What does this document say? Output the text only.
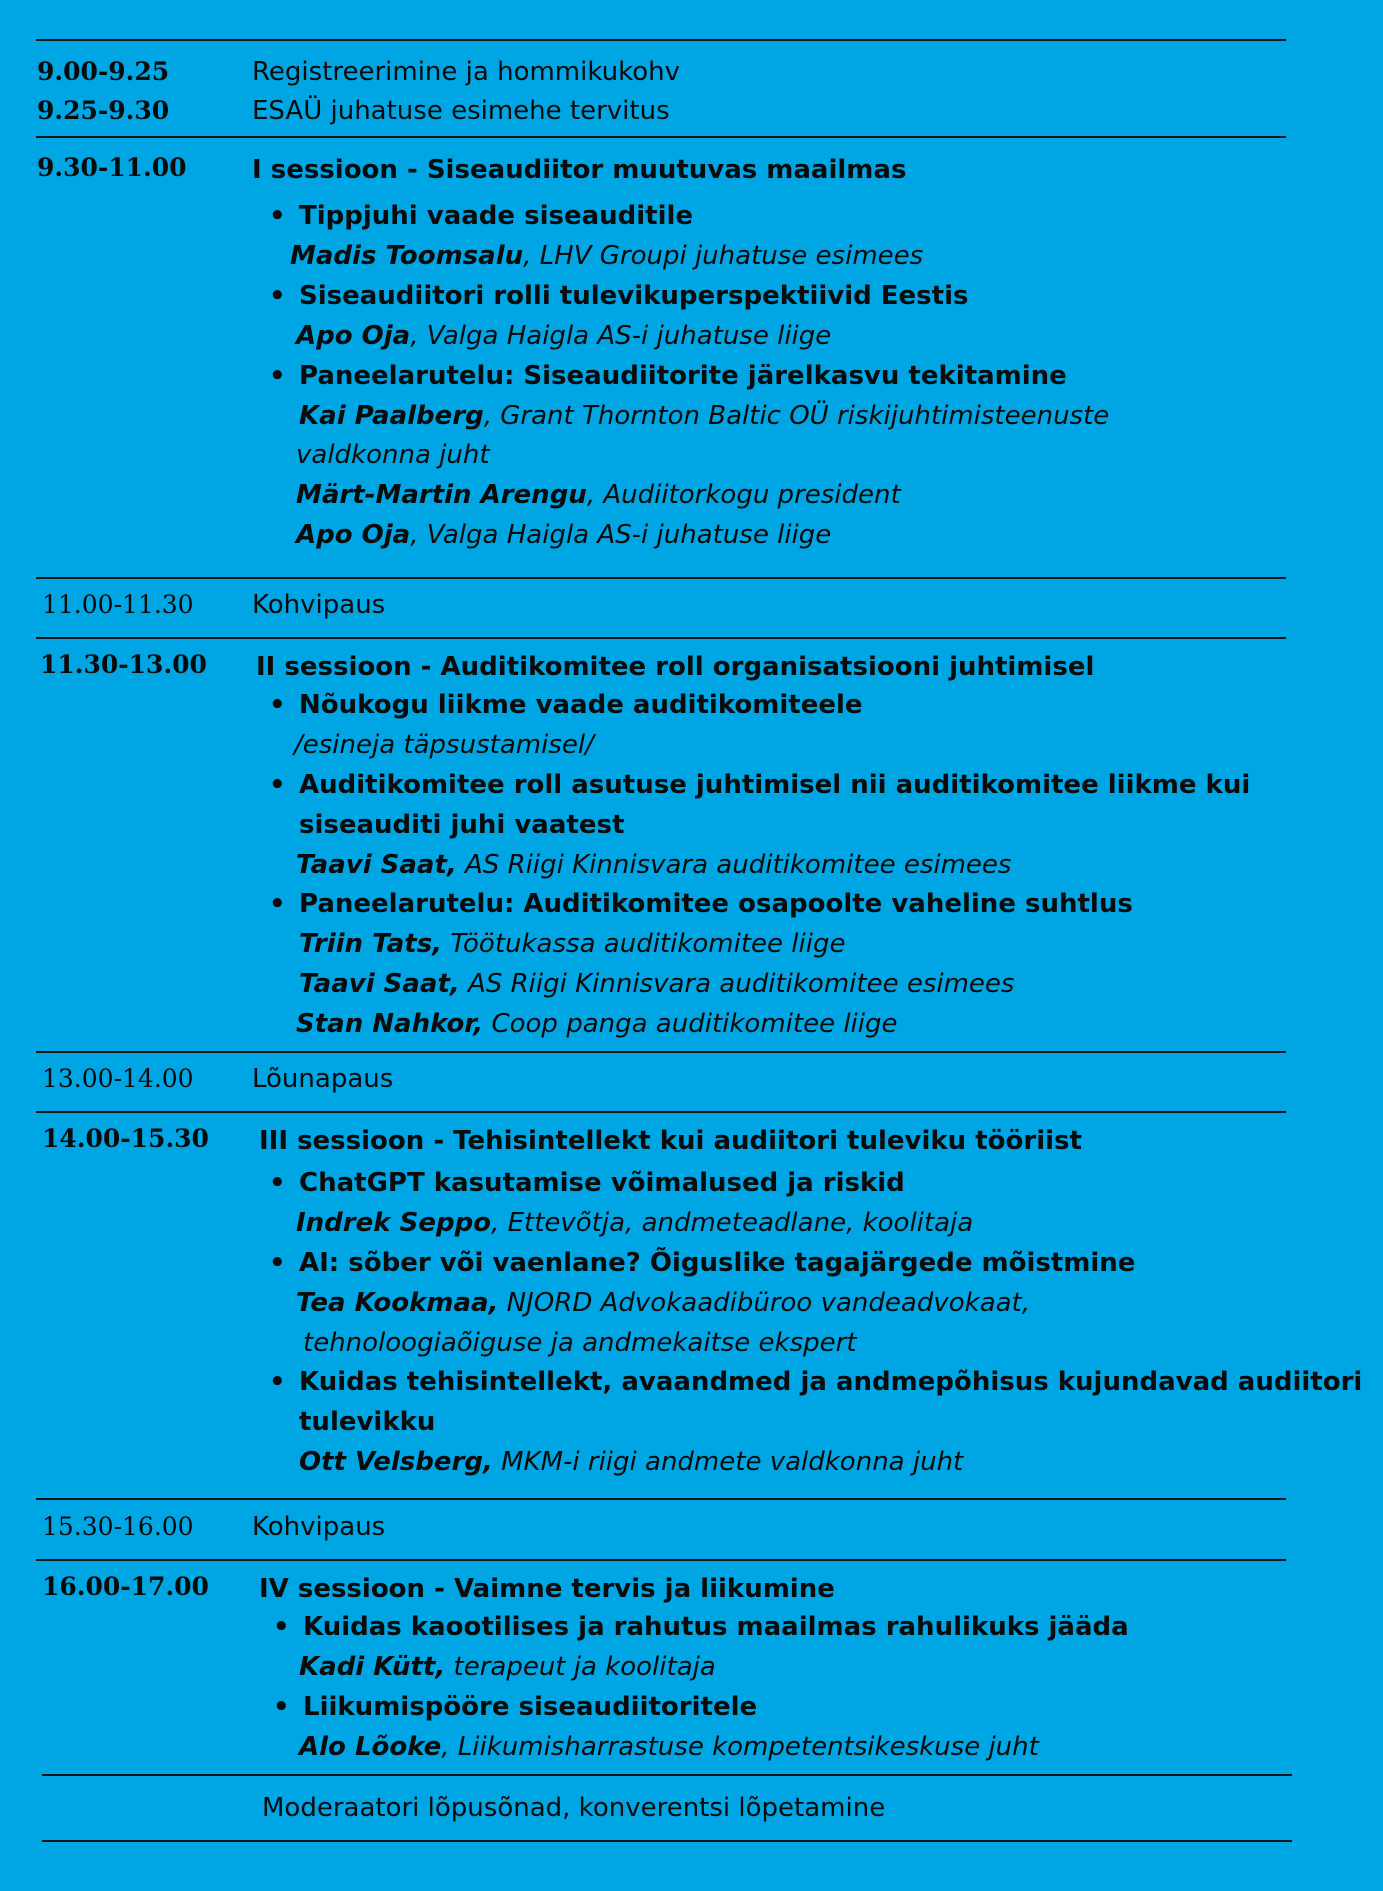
9.00-9.25	Registreerimine ja hommikukohv
9.25-9.30	ESAÜ juhatuse esimehe tervitus
9.30-11.00	I sessioon - Siseaudiitor muutuvas maailmas
• Tippjuhi vaade siseauditile
Madis Toomsalu, LHV Groupi juhatuse esimees
• Siseaudiitori rolli tulevikuperspektiivid Eestis
Apo Oja, Valga Haigla AS-i juhatuse liige
• Paneelarutelu: Siseaudiitorite järelkasvu tekitamine
Kai Paalberg, Grant Thornton Baltic OÜ riskijuhtimisteenuste
valdkonna juht
Märt-Martin Arengu, Audiitorkogu president
Apo Oja, Valga Haigla AS-i juhatuse liige
11.00-11.30 Kohvipaus
11.30-13.00 II sessioon - Auditikomitee roll organisatsiooni juhtimisel
• Nõukogu liikme vaade auditikomiteele
/esineja täpsustamisel/
• Auditikomitee roll asutuse juhtimisel nii auditikomitee liikme kui
siseauditi juhi vaatest
Taavi Saat, AS Riigi Kinnisvara auditikomitee esimees
• Paneelarutelu: Auditikomitee osapoolte vaheline suhtlus
Triin Tats, Töötukassa auditikomitee liige
Taavi Saat, AS Riigi Kinnisvara auditikomitee esimees
Stan Nahkor, Coop panga auditikomitee liige
13.00-14.00 Lõunapaus
14.00-15.30 III sessioon - Tehisintellekt kui audiitori tuleviku tööriist
• ChatGPT kasutamise võimalused ja riskid
Indrek Seppo, Ettevõtja, andmeteadlane, koolitaja
• AI: sõber või vaenlane? Õiguslike tagajärgede mõistmine
Tea Kookmaa, NJORD Advokaadibüroo vandeadvokaat,
tehnoloogiaõiguse ja andmekaitse ekspert
• Kuidas tehisintellekt, avaandmed ja andmepõhisus kujundavad audiitori
tulevikku
Ott Velsberg, MKM-i riigi andmete valdkonna juht
15.30-16.00 Kohvipaus
16.00-17.00 IV sessioon - Vaimne tervis ja liikumine
• Kuidas kaootilises ja rahutus maailmas rahulikuks jääda
Kadi Kütt, terapeut ja koolitaja
• Liikumispööre siseaudiitoritele
Alo Lõoke, Liikumisharrastuse kompetentsikeskuse juht
Moderaatori lõpusõnad, konverentsi lõpetamine
